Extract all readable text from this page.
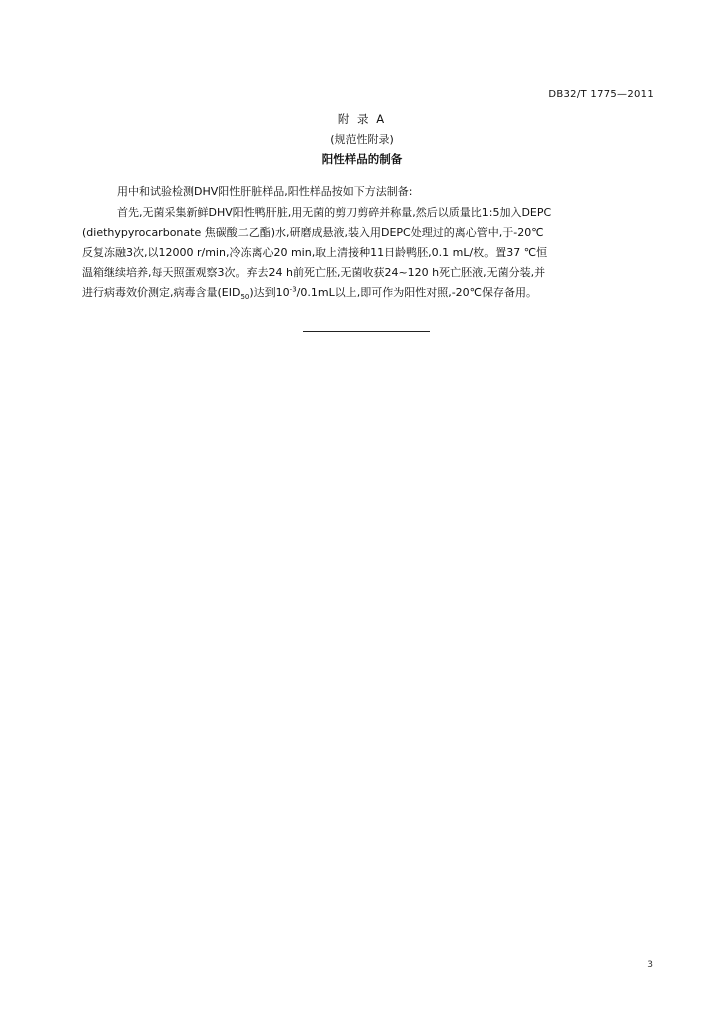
DB32/T 1775—2011
附 录 A
(规范性附录)
阳性样品的制备
用中和试验检测DHV阳性肝脏样品,阳性样品按如下方法制备:
首先,无菌采集新鲜DHV阳性鸭肝脏,用无菌的剪刀剪碎并称量,然后以质量比1:5加入DEPC
(diethypyrocarbonate 焦碳酸二乙酯)水,研磨成悬液,装入用DEPC处理过的离心管中,于-20℃
反复冻融3次,以12000 r/min,冷冻离心20 min,取上清接种11日龄鸭胚,0.1 mL/枚。置37 ℃恒
温箱继续培养,每天照蛋观察3次。弃去24 h前死亡胚,无菌收获24~120 h死亡胚液,无菌分装,并
进行病毒效价测定,病毒含量$(EID_{50})$达到$10^{-3}/0.1mL$以上,即可作为阳性对照,-20℃保存备用。
3
